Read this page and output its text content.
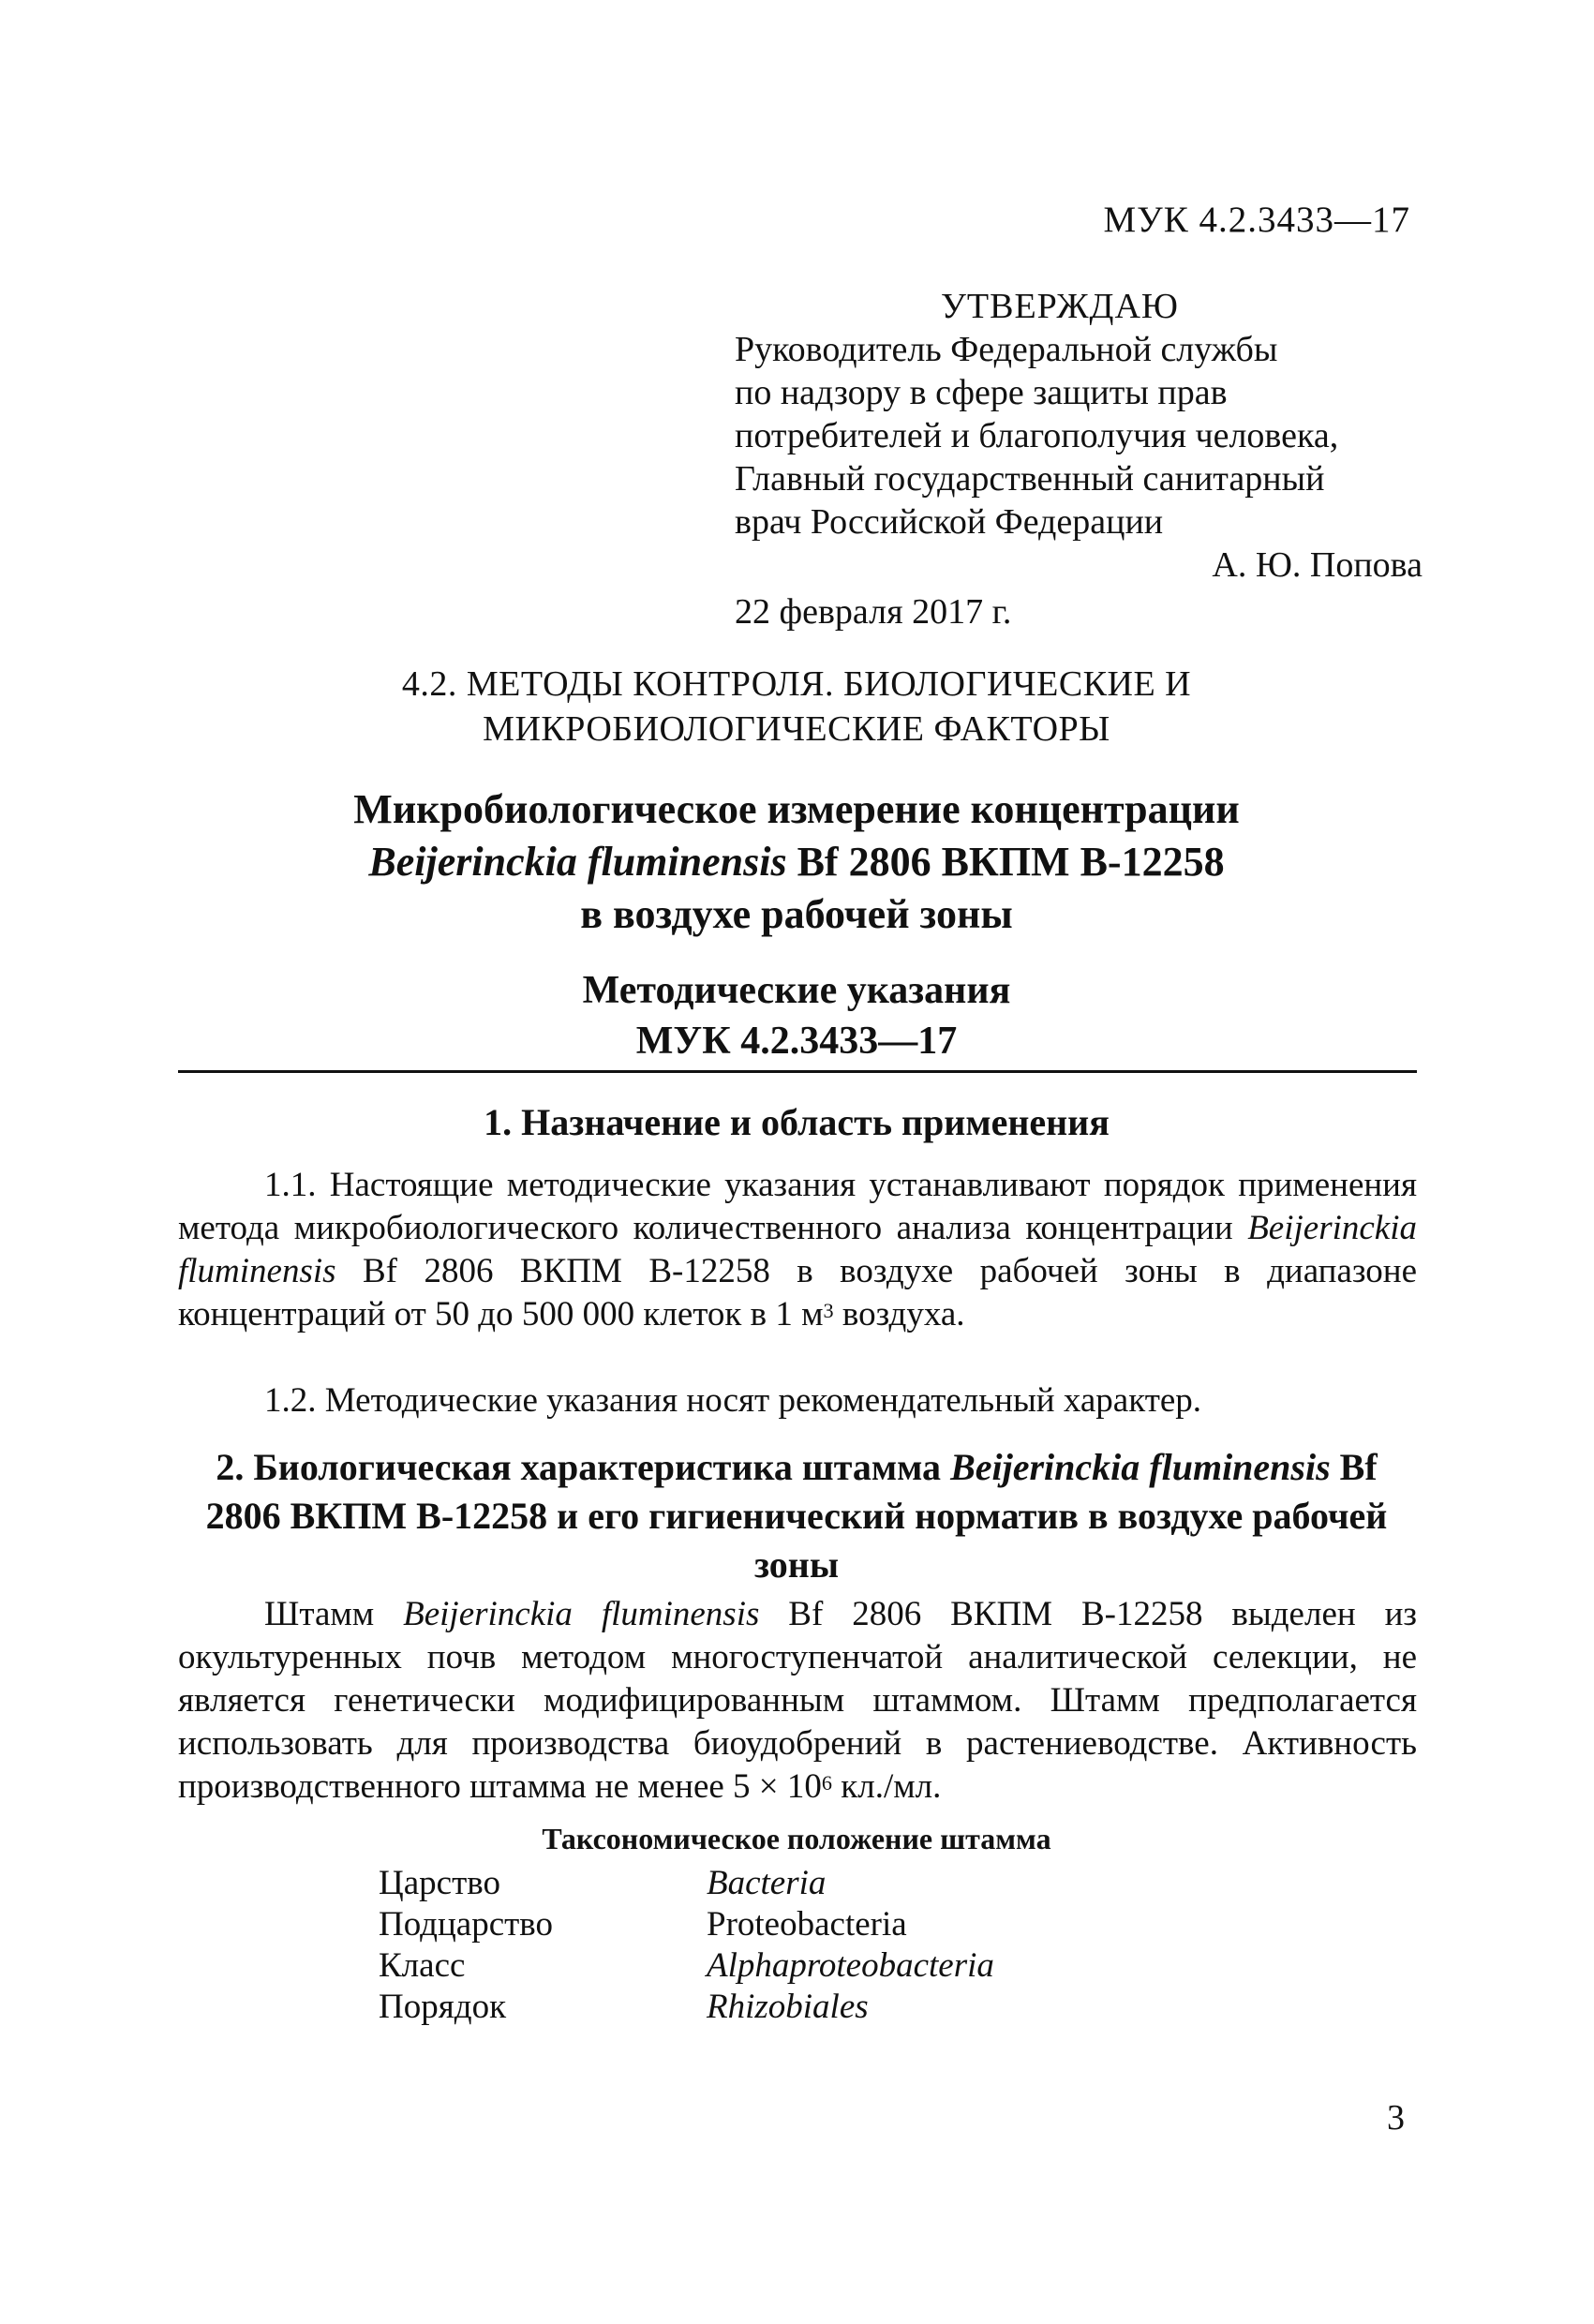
МУК 4.2.3433—17
УТВЕРЖДАЮ
Руководитель Федеральной службы
по надзору в сфере защиты прав
потребителей и благополучия человека,
Главный государственный санитарный
врач Российской Федерации
А. Ю. Попова
22 февраля 2017 г.
4.2. МЕТОДЫ КОНТРОЛЯ. БИОЛОГИЧЕСКИЕ И
МИКРОБИОЛОГИЧЕСКИЕ ФАКТОРЫ
Микробиологическое измерение концентрации
Beijerinckia fluminensis Bf 2806 ВКПМ В-12258
в воздухе рабочей зоны
Методические указания
МУК 4.2.3433—17
1. Назначение и область применения
1.1. Настоящие методические указания устанавливают порядок применения метода микробиологического количественного анализа концентрации Beijerinckia fluminensis Bf 2806 ВКПМ В-12258 в воздухе рабочей зоны в диапазоне концентраций от 50 до 500 000 клеток в 1 $м^3$ воздуха.
1.2. Методические указания носят рекомендательный характер.
2. Биологическая характеристика штамма Beijerinckia fluminensis Bf 2806 ВКПМ В-12258 и его гигиенический норматив в воздухе рабочей зоны
Штамм Beijerinckia fluminensis Bf 2806 ВКПМ В-12258 выделен из окультуренных почв методом многоступенчатой аналитической селекции, не является генетически модифицированным штаммом. Штамм предполагается использовать для производства биоудобрений в растениеводстве. Активность производственного штамма не менее $5 \times 10^6$ кл./мл.
Таксономическое положение штамма
Царство	Bacteria
Подцарство	Proteobacteria
Класс	Alphaproteobacteria
Порядок	Rhizobiales
3
